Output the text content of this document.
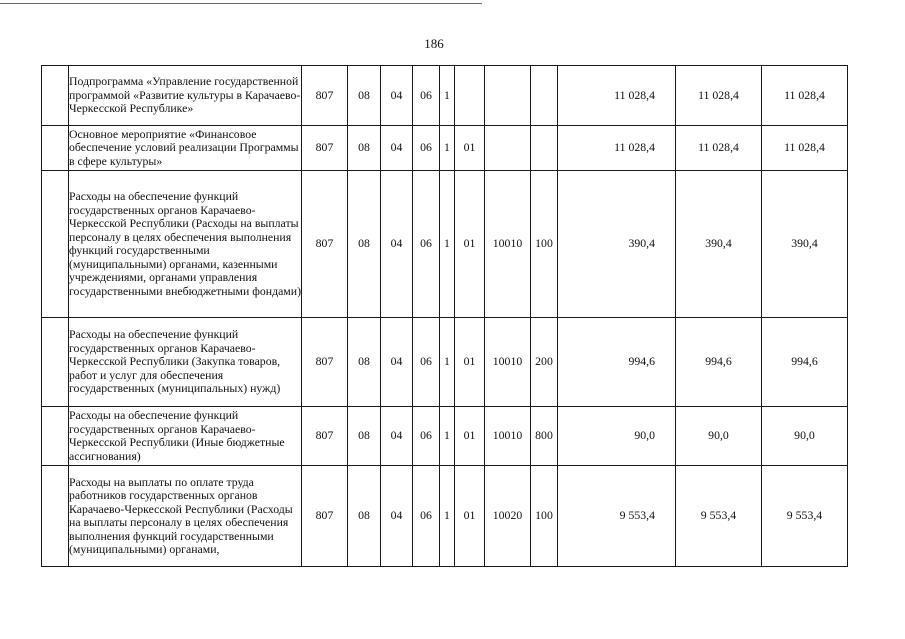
186
	Подпрограмма «Управление государственной программой «Развитие культуры в Карачаево-Черкесской Республике»	807	08	04	06	1				11 028,4	11 028,4	11 028,4
	Основное мероприятие «Финансовое обеспечение условий реализации Программы в сфере культуры»	807	08	04	06	1	01			11 028,4	11 028,4	11 028,4
	Расходы на обеспечение функций государственных органов Карачаево-Черкесской Республики (Расходы на выплаты персоналу в целях обеспечения выполнения функций государственными (муниципальными) органами, казенными учреждениями, органами управления государственными внебюджетными фондами)	807	08	04	06	1	01	10010	100	390,4	390,4	390,4
	Расходы на обеспечение функций государственных органов Карачаево-Черкесской Республики (Закупка товаров, работ и услуг для обеспечения государственных (муниципальных) нужд)	807	08	04	06	1	01	10010	200	994,6	994,6	994,6
	Расходы на обеспечение функций государственных органов Карачаево-Черкесской Республики (Иные бюджетные ассигнования)	807	08	04	06	1	01	10010	800	90,0	90,0	90,0
	Расходы на выплаты по оплате труда работников государственных органов Карачаево-Черкесской Республики (Расходы на выплаты персоналу в целях обеспечения выполнения функций государственными (муниципальными) органами,	807	08	04	06	1	01	10020	100	9 553,4	9 553,4	9 553,4
